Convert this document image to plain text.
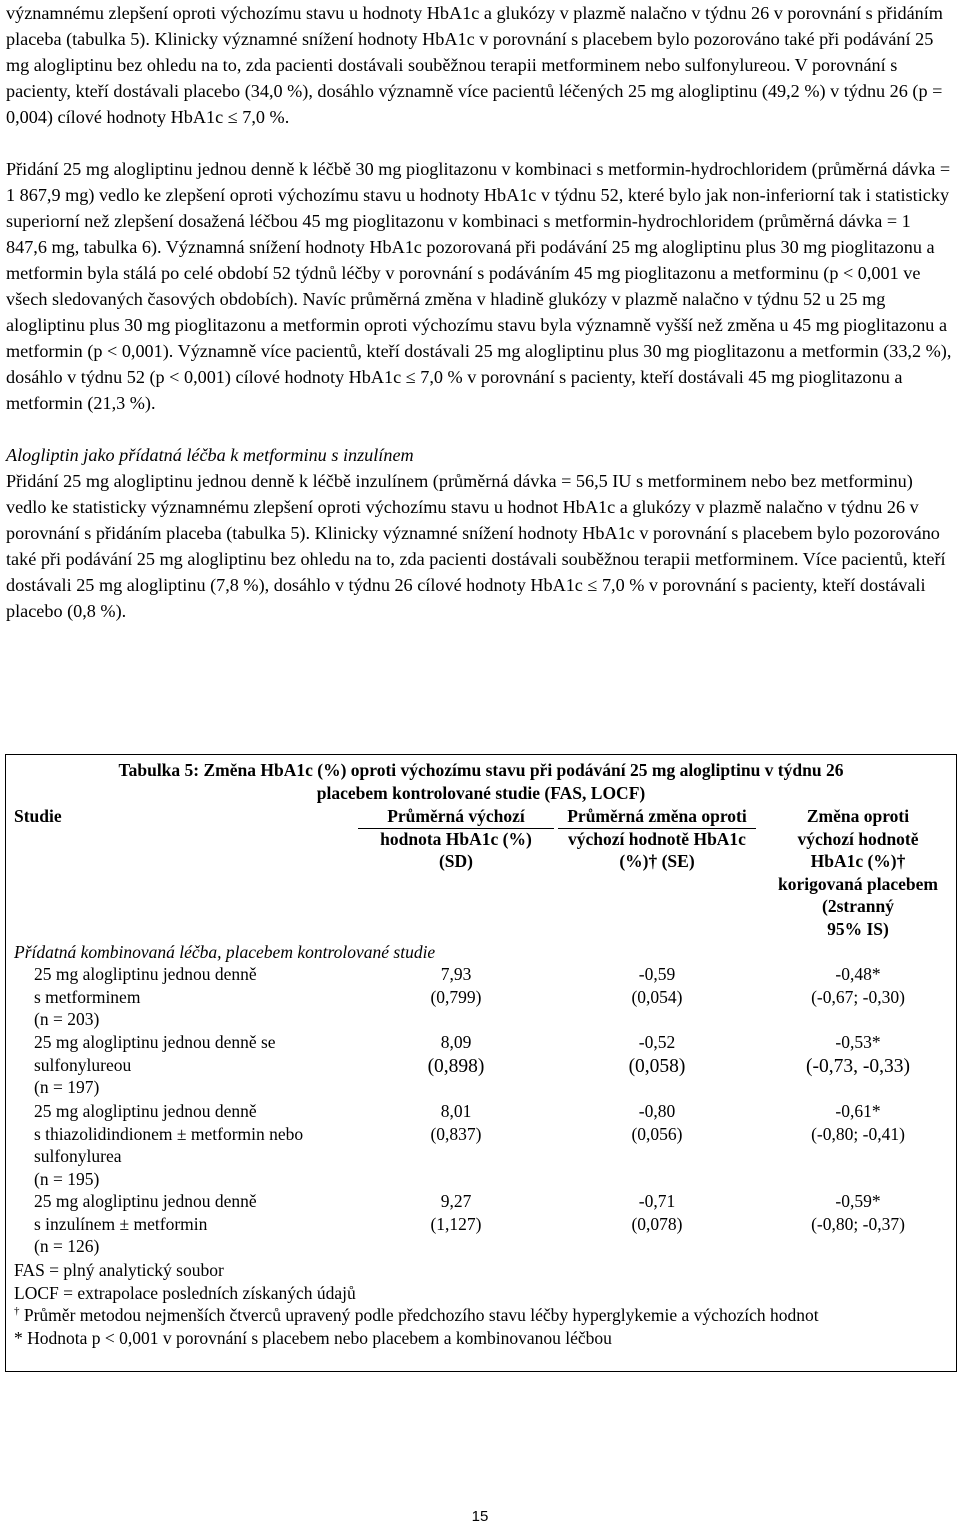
významnému zlepšení oproti výchozímu stavu u hodnoty HbA1c a glukózy v plazmě nalačno v týdnu 26 v porovnání s přidáním placeba (tabulka 5). Klinicky významné snížení hodnoty HbA1c v porovnání s placebem bylo pozorováno také při podávání 25 mg alogliptinu bez ohledu na to, zda pacienti dostávali souběžnou terapii metforminem nebo sulfonylureou. V porovnání s pacienty, kteří dostávali placebo (34,0 %), dosáhlo významně více pacientů léčených 25 mg alogliptinu (49,2 %) v týdnu 26 (p = 0,004) cílové hodnoty HbA1c ≤ 7,0 %.

Přidání 25 mg alogliptinu jednou denně k léčbě 30 mg pioglitazonu v kombinaci s metformin-hydrochloridem (průměrná dávka = 1 867,9 mg) vedlo ke zlepšení oproti výchozímu stavu u hodnoty HbA1c v týdnu 52, které bylo jak non-inferiorní tak i statisticky superiorní než zlepšení dosažená léčbou 45 mg pioglitazonu v kombinaci s metformin-hydrochloridem (průměrná dávka = 1 847,6 mg, tabulka 6). Významná snížení hodnoty HbA1c pozorovaná při podávání 25 mg alogliptinu plus 30 mg pioglitazonu a metformin byla stálá po celé období 52 týdnů léčby v porovnání s podáváním 45 mg pioglitazonu a metforminu (p < 0,001 ve všech sledovaných časových obdobích). Navíc průměrná změna v hladině glukózy v plazmě nalačno v týdnu 52 u 25 mg alogliptinu plus 30 mg pioglitazonu a metformin oproti výchozímu stavu byla významně vyšší než změna u 45 mg pioglitazonu a metformin (p < 0,001). Významně více pacientů, kteří dostávali 25 mg alogliptinu plus 30 mg pioglitazonu a metformin (33,2 %), dosáhlo v týdnu 52 (p < 0,001) cílové hodnoty HbA1c ≤ 7,0 % v porovnání s pacienty, kteří dostávali 45 mg pioglitazonu a metformin (21,3 %).

Alogliptin jako přídatná léčba k metforminu s inzulínem

Přidání 25 mg alogliptinu jednou denně k léčbě inzulínem (průměrná dávka = 56,5 IU s metforminem nebo bez metforminu) vedlo ke statisticky významnému zlepšení oproti výchozímu stavu u hodnot HbA1c a glukózy v plazmě nalačno v týdnu 26 v porovnání s přidáním placeba (tabulka 5). Klinicky významné snížení hodnoty HbA1c v porovnání s placebem bylo pozorováno také při podávání 25 mg alogliptinu bez ohledu na to, zda pacienti dostávali souběžnou terapii metforminem. Více pacientů, kteří dostávali 25 mg alogliptinu (7,8 %), dosáhlo v týdnu 26 cílové hodnoty HbA1c ≤ 7,0 % v porovnání s pacienty, kteří dostávali placebo (0,8 %).

Tabulka 5: Změna HbA1c (%) oproti výchozímu stavu při podávání 25 mg alogliptinu v týdnu 26
placebem kontrolované studie (FAS, LOCF)
Studie	Průměrná výchozí
hodnota HbA1c (%)
(SD)
Průměrná změna oproti
výchozí hodnotě HbA1c
(%)† (SE)
Změna oproti
výchozí hodnotě
HbA1c (%)†
korigovaná placebem
(2stranný
95% IS)
Přídatná kombinovaná léčba, placebem kontrolované studie
25 mg alogliptinu jednou denně
s metforminem
(n = 203)
7,93
(0,799)
-0,59
(0,054)
-0,48*
(-0,67; -0,30)
25 mg alogliptinu jednou denně se
sulfonylureou
(n = 197)
8,09
(0,898)
-0,52
(0,058)
-0,53*
(-0,73, -0,33)
25 mg alogliptinu jednou denně
s thiazolidindionem ± metformin nebo
sulfonylurea
(n = 195)
8,01
(0,837)
-0,80
(0,056)
-0,61*
(-0,80; -0,41)
25 mg alogliptinu jednou denně
s inzulínem ± metformin
(n = 126)
9,27
(1,127)
-0,71
(0,078)
-0,59*
(-0,80; -0,37)
FAS = plný analytický soubor
LOCF = extrapolace posledních získaných údajů
† Průměr metodou nejmenších čtverců upravený podle předchozího stavu léčby hyperglykemie a výchozích hodnot
* Hodnota p < 0,001 v porovnání s placebem nebo placebem a kombinovanou léčbou
15
